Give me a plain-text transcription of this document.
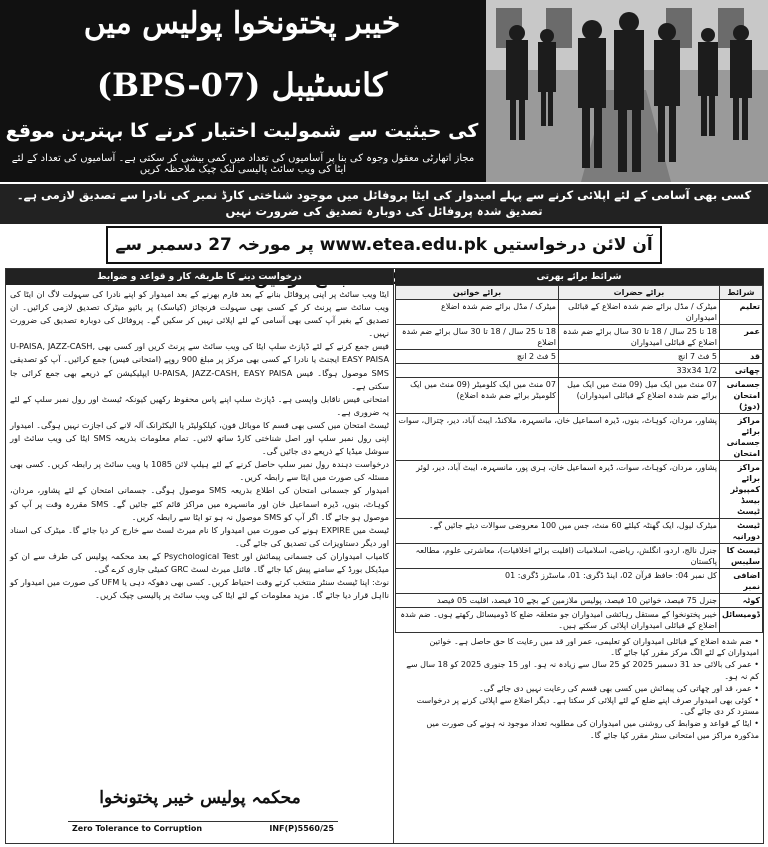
خیبر پختونخوا پولیس میں
کانسٹیبل (BPS-07)
کی حیثیت سے شمولیت اختیار کرنے کا بہترین موقع
مجاز اتھارٹی معقول وجوہ کی بنا پر آسامیوں کی تعداد میں کمی بیشی کر سکتی ہے۔ آسامیوں کی تعداد کے لئے ایٹا کی ویب سائٹ پالیسی لنک چیک ملاحظہ کریں
کسی بھی آسامی کے لئے اپلائی کرنے سے پہلے امیدوار کی ایٹا پروفائل میں موجود شناختی کارڈ نمبر کی نادرا سے تصدیق لازمی ہے۔ تصدیق شدہ پروفائل کی دوبارہ تصدیق کی ضرورت نہیں
آن لائن درخواستیں www.etea.edu.pk پر مورخہ 27 دسمبر سے
درخواست دینے کا طریقہ کار و قواعد و ضوابط

ایٹا ویب سائٹ پر اپنی پروفائل بنانے کے بعد فارم بھرنے کے بعد امیدوار کو اپنے نادرا کی سہولت لاگ ان ایٹا کی ویب سائٹ سے پرنٹ کر کے کسی بھی سہولت فرنچائز (کیاسک) پر بائیو میٹرک تصدیق لازمی کرائیں۔ ان تصدیق کے بغیر آپ کسی بھی آسامی کے لئے اپلائی نہیں کر سکیں گے۔ پروفائل کی دوبارہ تصدیق کی ضرورت نہیں۔

فیس جمع کرنے کے لئے ڈپازٹ سلپ ایٹا کی ویب سائٹ سے پرنٹ کریں اور کسی بھی U-PAISA, JAZZ-CASH, EASY PAISA ایجنٹ یا نادرا کے کسی بھی مرکز پر مبلغ 900 روپے (امتحانی فیس) جمع کرائیں۔ آپ کو تصدیقی SMS موصول ہوگا۔ فیس U-PAISA, JAZZ-CASH, EASY PAISA ایپلیکیشن کے ذریعے بھی جمع کرائی جا سکتی ہے۔

امتحانی فیس ناقابل واپسی ہے۔ ڈپازٹ سلپ اپنے پاس محفوظ رکھیں کیونکہ ٹیسٹ اور رول نمبر سلپ کے لئے یہ ضروری ہے۔

ٹیسٹ امتحان میں کسی بھی قسم کا موبائل فون، کیلکولیٹر یا الیکٹرانک آلہ لانے کی اجازت نہیں ہوگی۔ امیدوار اپنی رول نمبر سلپ اور اصل شناختی کارڈ ساتھ لائیں۔ تمام معلومات بذریعہ SMS ایٹا کی ویب سائٹ اور سوشل میڈیا کے ذریعے دی جائیں گی۔

درخواست دہندہ رول نمبر سلپ حاصل کرنے کے لئے ہیلپ لائن 1085 یا ویب سائٹ پر رابطہ کریں۔ کسی بھی مسئلہ کی صورت میں ایٹا سے رابطہ کریں۔

امیدوار کو جسمانی امتحان کی اطلاع بذریعہ SMS موصول ہوگی۔ جسمانی امتحان کے لئے پشاور، مردان، کوہاٹ، بنوں، ڈیرہ اسماعیل خان اور مانسہرہ میں مراکز قائم کئے جائیں گے۔ SMS مقررہ وقت پر آپ کو موصول ہو جائے گا۔ اگر آپ کو SMS موصول نہ ہو تو ایٹا سے رابطہ کریں۔

ٹیسٹ میں EXPIRE ہونے کی صورت میں امیدوار کا نام میرٹ لسٹ سے خارج کر دیا جائے گا۔ میٹرک کی اسناد اور دیگر دستاویزات کی تصدیق کی جائے گی۔

کامیاب امیدواران کی جسمانی پیمائش اور Psychological Test کے بعد محکمہ پولیس کی طرف سے ان کو میڈیکل بورڈ کے سامنے پیش کیا جائے گا۔ فائنل میرٹ لسٹ GRC کمیٹی جاری کرے گی۔

نوٹ: اپنا ٹیسٹ سنٹر منتخب کرتے وقت احتیاط کریں۔ کسی بھی دھوکہ دہی یا UFM کی صورت میں امیدوار کو نااہل قرار دیا جائے گا۔ مزید معلومات کے لئے ایٹا کی ویب سائٹ پر پالیسی چیک کریں۔

محکمہ پولیس خیبر پختونخوا
Zero Tolerance to Corruption	INF(P)5560/25
شرائط برائے بھرتی
شرائط	برائے حضرات	برائے خواتین
تعلیم	میٹرک / مڈل برائے ضم شدہ اضلاع کے قبائلی امیدواران	میٹرک / مڈل برائے ضم شدہ اضلاع
عمر	18 تا 25 سال / 18 تا 30 سال برائے ضم شدہ اضلاع کے قبائلی امیدواران	18 تا 25 سال / 18 تا 30 سال برائے ضم شدہ اضلاع
قد	5 فٹ 7 انچ	5 فٹ 2 انچ
چھاتی	33x34 1/2	
جسمانی امتحان (دوڑ)	07 منٹ میں ایک میل (09 منٹ میں ایک میل برائے ضم شدہ اضلاع کے قبائلی امیدواران)	07 منٹ میں ایک کلومیٹر (09 منٹ میں ایک کلومیٹر برائے ضم شدہ اضلاع)
مراکز برائے جسمانی امتحان	پشاور، مردان، کوہاٹ، بنوں، ڈیرہ اسماعیل خان، مانسہرہ، ملاکنڈ، ایبٹ آباد، دیر، چترال، سوات	
مراکز برائے کمپیوٹر بیسڈ ٹیسٹ	پشاور، مردان، کوہاٹ، سوات، ڈیرہ اسماعیل خان، ہری پور، مانسہرہ، ایبٹ آباد، دیر، لوئر	
ٹیسٹ دورانیہ	میٹرک لیول، ایک گھنٹہ کیلئے 60 منٹ، جس میں 100 معروضی سوالات دیئے جائیں گے۔	
ٹیسٹ کا سلیبس	جنرل نالج، اردو، انگلش، ریاضی، اسلامیات (اقلیت برائے اخلاقیات)، معاشرتی علوم، مطالعہ پاکستان	
اضافی نمبر	کل نمبر 04: حافظ قرآن 02، اینڈ ڈگری: 01، ماسٹرز ڈگری: 01	
کوٹہ	جنرل 75 فیصد، خواتین 10 فیصد، پولیس ملازمین کے بچے 10 فیصد، اقلیت 05 فیصد	
ڈومیسائل	خیبر پختونخوا کے مستقل رہائشی امیدواران جو متعلقہ ضلع کا ڈومیسائل رکھتے ہوں۔ ضم شدہ اضلاع کے قبائلی امیدواران اپلائی کر سکتے ہیں۔	
• ضم شدہ اضلاع کے قبائلی امیدواران کو تعلیمی، عمر اور قد میں رعایت کا حق حاصل ہے۔ خواتین امیدواران کے لئے الگ مرکز مقرر کیا جائے گا۔
• عمر کی بالائی حد 31 دسمبر 2025 کو 25 سال سے زیادہ نہ ہو۔ اور 15 جنوری 2025 کو 18 سال سے کم نہ ہو۔
• عمر، قد اور چھاتی کی پیمائش میں کسی بھی قسم کی رعایت نہیں دی جائے گی۔
• کوئی بھی امیدوار صرف اپنے ضلع کے لئے اپلائی کر سکتا ہے۔ دیگر اضلاع سے اپلائی کرنے پر درخواست مسترد کر دی جائے گی۔
• ایٹا کے قواعد و ضوابط کی روشنی میں امیدواران کی مطلوبہ تعداد موجود نہ ہونے کی صورت میں مذکورہ مراکز میں امتحانی سنٹر مقرر کیا جائے گا۔
